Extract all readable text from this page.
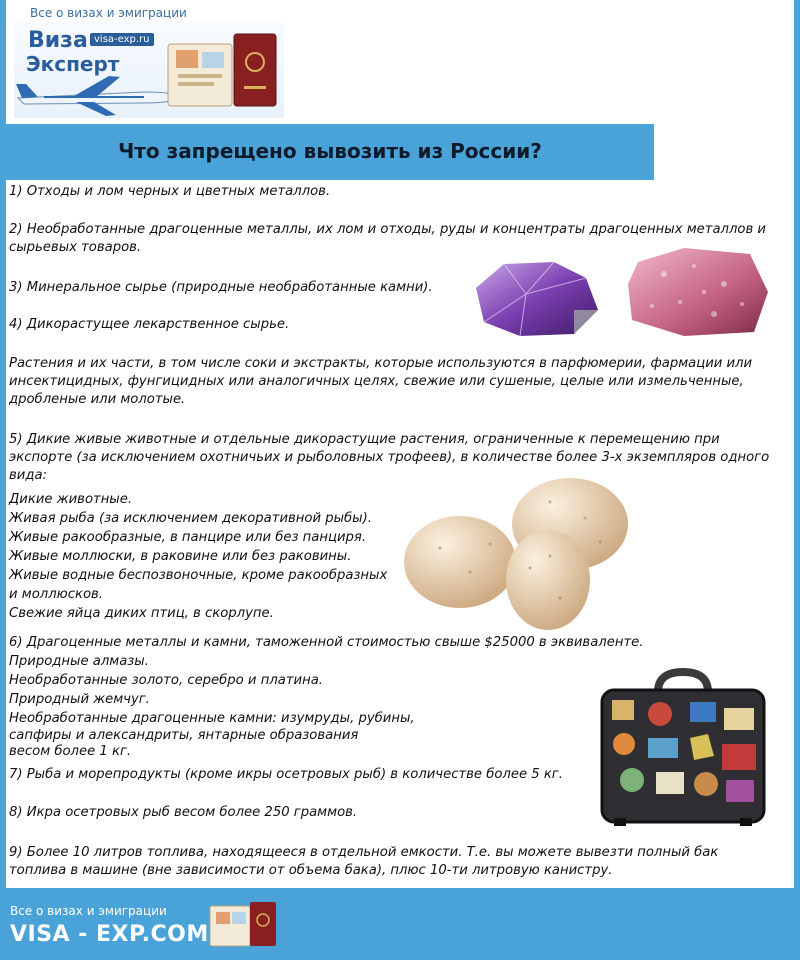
Все о визах и эмиграции
Виза visa-exp.ru
Эксперт
Что запрещено вывозить из России?
1) Отходы и лом черных и цветных металлов.
2) Необработанные драгоценные металлы, их лом и отходы, руды и концентраты драгоценных металлов и
сырьевых товаров.
3) Минеральное сырье (природные необработанные камни).
4) Дикорастущее лекарственное сырье.
Растения и их части, в том числе соки и экстракты, которые используются в парфюмерии, фармации или
инсектицидных, фунгицидных или аналогичных целях, свежие или сушеные, целые или измельченные,
дробленые или молотые.
5) Дикие живые животные и отдельные дикорастущие растения, ограниченные к перемещению при
экспорте (за исключением охотничьих и рыболовных трофеев), в количестве более 3-х экземпляров одного
вида:
Дикие животные.
Живая рыба (за исключением декоративной рыбы).
Живые ракообразные, в панцире или без панциря.
Живые моллюски, в раковине или без раковины.
Живые водные беспозвоночные, кроме ракообразных
и моллюсков.
Свежие яйца диких птиц, в скорлупе.
6) Драгоценные металлы и камни, таможенной стоимостью свыше $25000 в эквиваленте.
Природные алмазы.
Необработанные золото, серебро и платина.
Природный жемчуг.
Необработанные драгоценные камни: изумруды, рубины,
сапфиры и александриты, янтарные образования
весом более 1 кг.
7) Рыба и морепродукты (кроме икры осетровых рыб) в количестве более 5 кг.
8) Икра осетровых рыб весом более 250 граммов.
9) Более 10 литров топлива, находящееся в отдельной емкости. Т.е. вы можете вывезти полный бак
топлива в машине (вне зависимости от объема бака), плюс 10-ти литровую канистру.
Все о визах и эмиграции
VISA - EXP.COM
